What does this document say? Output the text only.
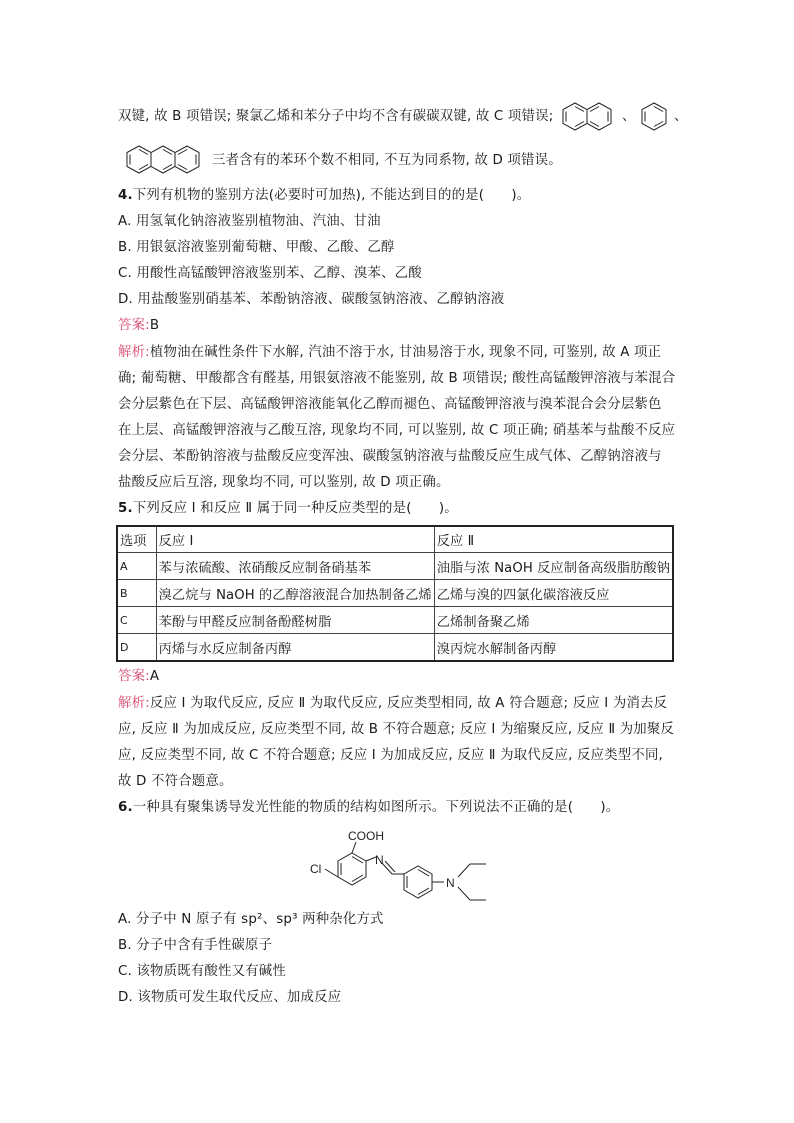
双键, 故 B 项错误; 聚氯乙烯和苯分子中均不含有碳碳双键, 故 C 项错误;	、	、
三者含有的苯环个数不相同, 不互为同系物, 故 D 项错误。
4.下列有机物的鉴别方法(必要时可加热), 不能达到目的的是(　　)。
A. 用氢氧化钠溶液鉴别植物油、汽油、甘油
B. 用银氨溶液鉴别葡萄糖、甲酸、乙酸、乙醇
C. 用酸性高锰酸钾溶液鉴别苯、乙醇、溴苯、乙酸
D. 用盐酸鉴别硝基苯、苯酚钠溶液、碳酸氢钠溶液、乙醇钠溶液
答案:B
解析:植物油在碱性条件下水解, 汽油不溶于水, 甘油易溶于水, 现象不同, 可鉴别, 故 A 项正
确; 葡萄糖、甲酸都含有醛基, 用银氨溶液不能鉴别, 故 B 项错误; 酸性高锰酸钾溶液与苯混合
会分层紫色在下层、高锰酸钾溶液能氧化乙醇而褪色、高锰酸钾溶液与溴苯混合会分层紫色
在上层、高锰酸钾溶液与乙酸互溶, 现象均不同, 可以鉴别, 故 C 项正确; 硝基苯与盐酸不反应
会分层、苯酚钠溶液与盐酸反应变浑浊、碳酸氢钠溶液与盐酸反应生成气体、乙醇钠溶液与
盐酸反应后互溶, 现象均不同, 可以鉴别, 故 D 项正确。
5.下列反应 Ⅰ 和反应 Ⅱ 属于同一种反应类型的是(　　)。
选项	反应 Ⅰ	反应 Ⅱ
A	苯与浓硫酸、浓硝酸反应制备硝基苯	油脂与浓 NaOH 反应制备高级脂肪酸钠
B	溴乙烷与 NaOH 的乙醇溶液混合加热制备乙烯	乙烯与溴的四氯化碳溶液反应
C	苯酚与甲醛反应制备酚醛树脂	乙烯制备聚乙烯
D	丙烯与水反应制备丙醇	溴丙烷水解制备丙醇
答案:A
解析:反应 Ⅰ 为取代反应, 反应 Ⅱ 为取代反应, 反应类型相同, 故 A 符合题意; 反应 Ⅰ 为消去反
应, 反应 Ⅱ 为加成反应, 反应类型不同, 故 B 不符合题意; 反应 Ⅰ 为缩聚反应, 反应 Ⅱ 为加聚反
应, 反应类型不同, 故 C 不符合题意; 反应 Ⅰ 为加成反应, 反应 Ⅱ 为取代反应, 反应类型不同,
故 D 不符合题意。
6.一种具有聚集诱导发光性能的物质的结构如图所示。下列说法不正确的是(　　)。
COOH
Cl
N
N
A. 分子中 N 原子有 sp²、sp³ 两种杂化方式
B. 分子中含有手性碳原子
C. 该物质既有酸性又有碱性
D. 该物质可发生取代反应、加成反应
